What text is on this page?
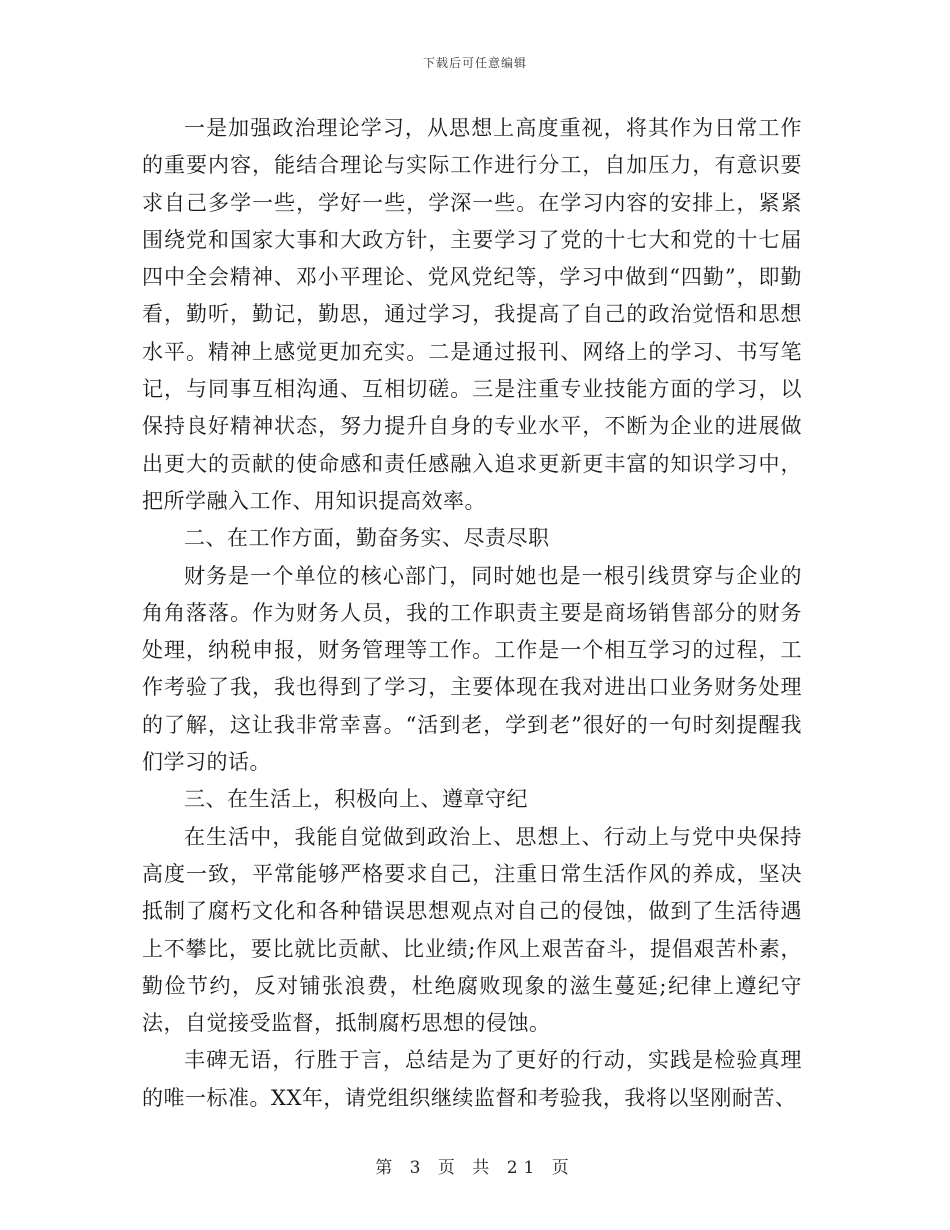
下载后可任意编辑

一是加强政治理论学习，从思想上高度重视，将其作为日常工作的重要内容，能结合理论与实际工作进行分工，自加压力，有意识要求自己多学一些，学好一些，学深一些。在学习内容的安排上，紧紧围绕党和国家大事和大政方针，主要学习了党的十七大和党的十七届四中全会精神、邓小平理论、党风党纪等，学习中做到“四勤”，即勤看，勤听，勤记，勤思，通过学习，我提高了自己的政治觉悟和思想水平。精神上感觉更加充实。二是通过报刊、网络上的学习、书写笔记，与同事互相沟通、互相切磋。三是注重专业技能方面的学习，以保持良好精神状态，努力提升自身的专业水平，不断为企业的进展做出更大的贡献的使命感和责任感融入追求更新更丰富的知识学习中，把所学融入工作、用知识提高效率。

二、在工作方面，勤奋务实、尽责尽职

财务是一个单位的核心部门，同时她也是一根引线贯穿与企业的角角落落。作为财务人员，我的工作职责主要是商场销售部分的财务处理，纳税申报，财务管理等工作。工作是一个相互学习的过程，工作考验了我，我也得到了学习，主要体现在我对进出口业务财务处理的了解，这让我非常幸喜。“活到老，学到老”很好的一句时刻提醒我们学习的话。

三、在生活上，积极向上、遵章守纪

在生活中，我能自觉做到政治上、思想上、行动上与党中央保持高度一致，平常能够严格要求自己，注重日常生活作风的养成，坚决抵制了腐朽文化和各种错误思想观点对自己的侵蚀，做到了生活待遇上不攀比，要比就比贡献、比业绩;作风上艰苦奋斗，提倡艰苦朴素，勤俭节约，反对铺张浪费，杜绝腐败现象的滋生蔓延;纪律上遵纪守法，自觉接受监督，抵制腐朽思想的侵蚀。

丰碑无语，行胜于言，总结是为了更好的行动，实践是检验真理的唯一标准。XX年，请党组织继续监督和考验我，我将以坚刚耐苦、

第 3 页 共 21 页
